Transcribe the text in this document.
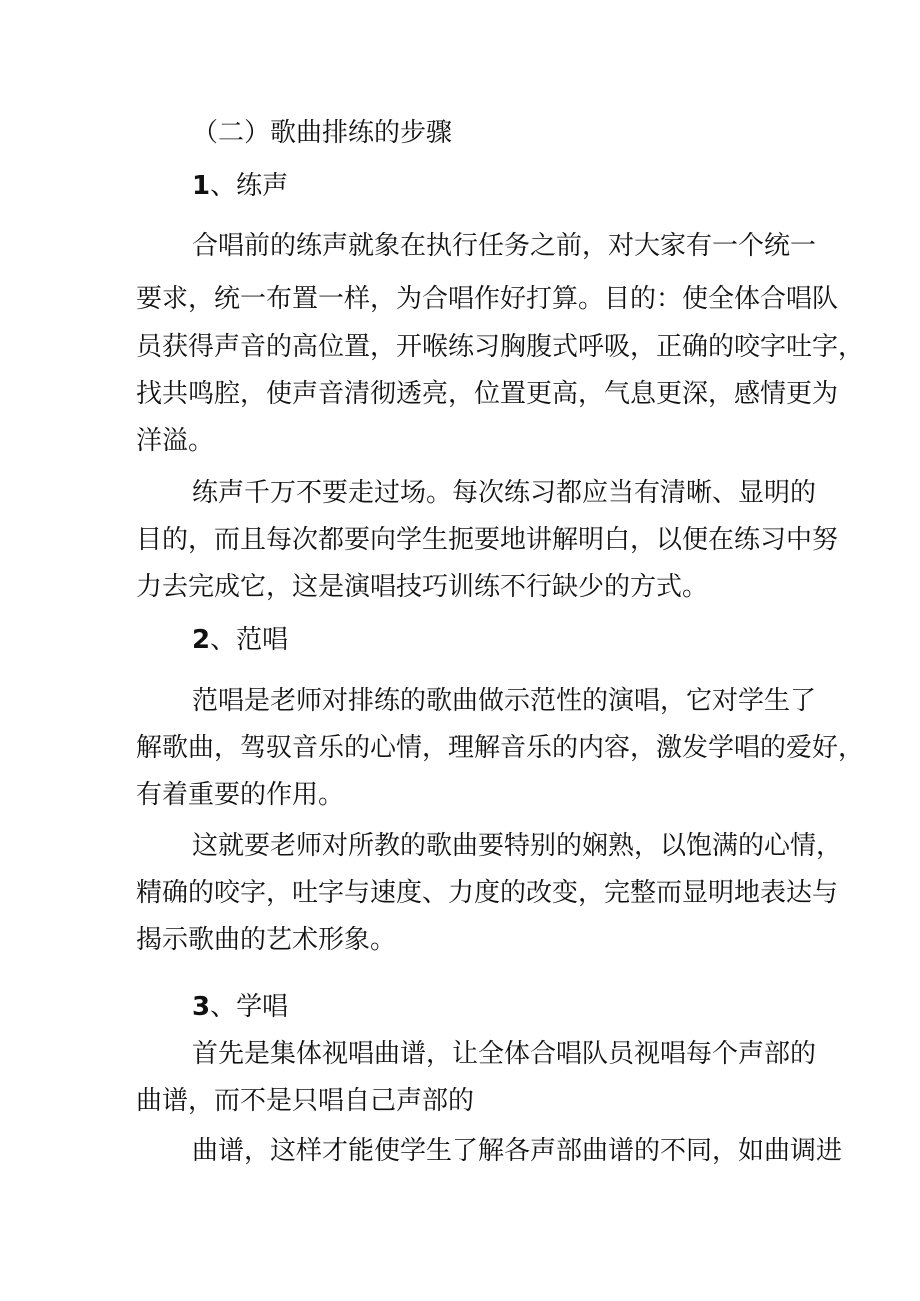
（二）歌曲排练的步骤
1、练声
合唱前的练声就象在执行任务之前，对大家有一个统一
要求，统一布置一样，为合唱作好打算。目的：使全体合唱队
员获得声音的高位置，开喉练习胸腹式呼吸，正确的咬字吐字，
找共鸣腔，使声音清彻透亮，位置更高，气息更深，感情更为
洋溢。
练声千万不要走过场。每次练习都应当有清晰、显明的
目的，而且每次都要向学生扼要地讲解明白，以便在练习中努
力去完成它，这是演唱技巧训练不行缺少的方式。
2、范唱
范唱是老师对排练的歌曲做示范性的演唱，它对学生了
解歌曲，驾驭音乐的心情，理解音乐的内容，激发学唱的爱好，
有着重要的作用。
这就要老师对所教的歌曲要特别的娴熟，以饱满的心情，
精确的咬字，吐字与速度、力度的改变，完整而显明地表达与
揭示歌曲的艺术形象。
3、学唱
首先是集体视唱曲谱，让全体合唱队员视唱每个声部的
曲谱，而不是只唱自己声部的
曲谱，这样才能使学生了解各声部曲谱的不同，如曲调进
